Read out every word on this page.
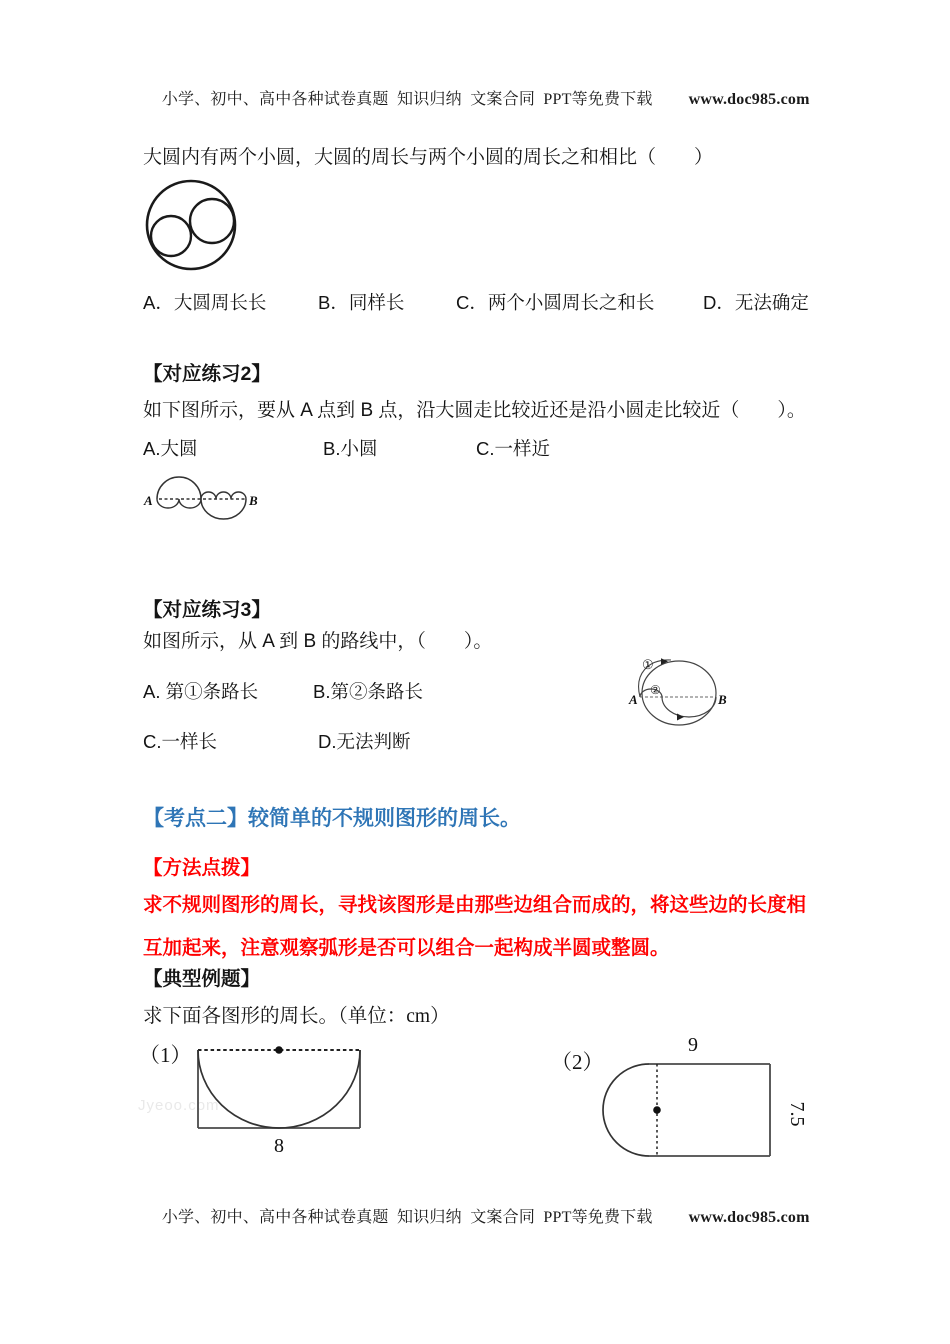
小学、初中、高中各种试卷真题  知识归纳  文案合同  PPT等免费下载 www.doc985.com

大圆内有两个小圆，大圆的周长与两个小圆的周长之和相比（　　）
A．大圆周长长	B．同样长	C．两个小圆周长之和长	D．无法确定
【对应练习2】
如下图所示，要从 A 点到 B 点，沿大圆走比较近还是沿小圆走比较近（　　）。
A.大圆	B.小圆	C.一样近
A	B
【对应练习3】
如图所示，从 A 到 B 的路线中，（　　）。
A. 第①条路长	B.第②条路长
C.一样长	D.无法判断
①
②
A	B
【考点二】较简单的不规则图形的周长。
【方法点拨】
求不规则图形的周长，寻找该图形是由那些边组合而成的，将这些边的长度相
互加起来，注意观察弧形是否可以组合一起构成半圆或整圆。
【典型例题】
求下面各图形的周长。（单位：cm）
Jyeoo.com
（1）
8
（2）
9
7.5

小学、初中、高中各种试卷真题  知识归纳  文案合同  PPT等免费下载 www.doc985.com
